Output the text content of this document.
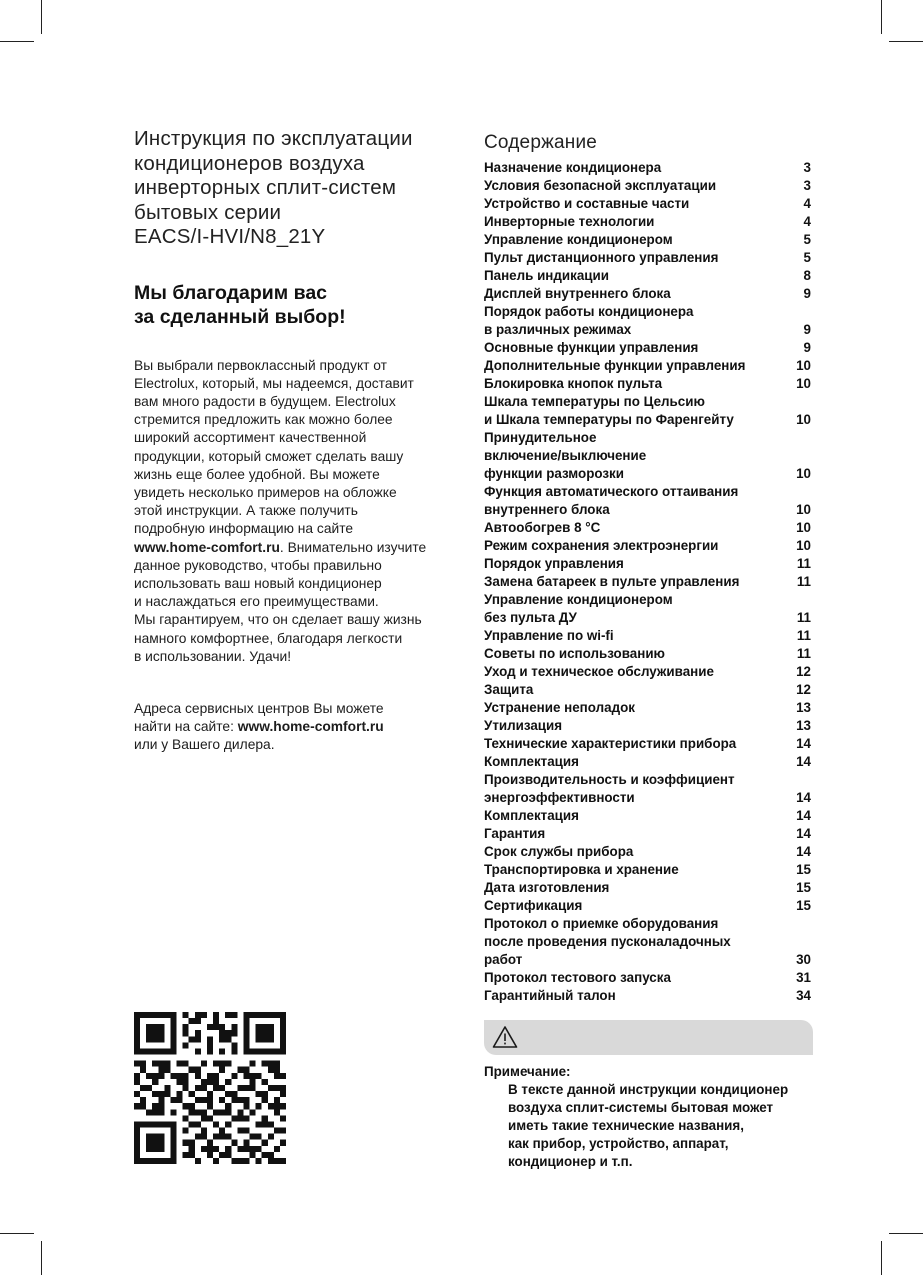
Инструкция по эксплуатации
кондиционеров воздуха
инверторных сплит-систем
бытовых серии
EACS/I-HVI/N8_21Y
Мы благодарим вас
за сделанный выбор!
Вы выбрали первоклассный продукт от
Electrolux, который, мы надеемся, доставит
вам много радости в будущем. Electrolux
стремится предложить как можно более
широкий ассортимент качественной
продукции, который сможет сделать вашу
жизнь еще более удобной. Вы можете
увидеть несколько примеров на обложке
этой инструкции. А также получить
подробную информацию на сайте
www.home-comfort.ru. Внимательно изучите
данное руководство, чтобы правильно
использовать ваш новый кондиционер
и наслаждаться его преимуществами.
Мы гарантируем, что он сделает вашу жизнь
намного комфортнее, благодаря легкости
в использовании. Удачи!
Адреса сервисных центров Вы можете
найти на сайте: www.home-comfort.ru
или у Вашего дилера.
Содержание
Назначение кондиционера	3
Условия безопасной эксплуатации	3
Устройство и составные части	4
Инверторные технологии	4
Управление кондиционером	5
Пульт дистанционного управления	5
Панель индикации	8
Дисплей внутреннего блока	9
Порядок работы кондиционера
в различных режимах	9
Основные функции управления	9
Дополнительные функции управления	10
Блокировка кнопок пульта	10
Шкала температуры по Цельсию
и Шкала температуры по Фаренгейту	10
Принудительное
включение/выключение
функции разморозки	10
Функция автоматического оттаивания
внутреннего блока	10
Автообогрев 8 °С	10
Режим сохранения электроэнергии	10
Порядок управления	11
Замена батареек в пульте управления	11
Управление кондиционером
без пульта ДУ	11
Управление по wi-fi	11
Советы по использованию	11
Уход и техническое обслуживание	12
Защита	12
Устранение неполадок	13
Утилизация	13
Технические характеристики прибора	14
Комплектация	14
Производительность и коэффициент
энергоэффективности	14
Комплектация	14
Гарантия	14
Срок службы прибора	14
Транспортировка и хранение	15
Дата изготовления	15
Сертификация	15
Протокол о приемке оборудования
после проведения пусконаладочных
работ	30
Протокол тестового запуска	31
Гарантийный талон	34
Примечание:
В тексте данной инструкции кондиционер
воздуха сплит-системы бытовая может
иметь такие технические названия,
как прибор, устройство, аппарат,
кондиционер и т.п.
